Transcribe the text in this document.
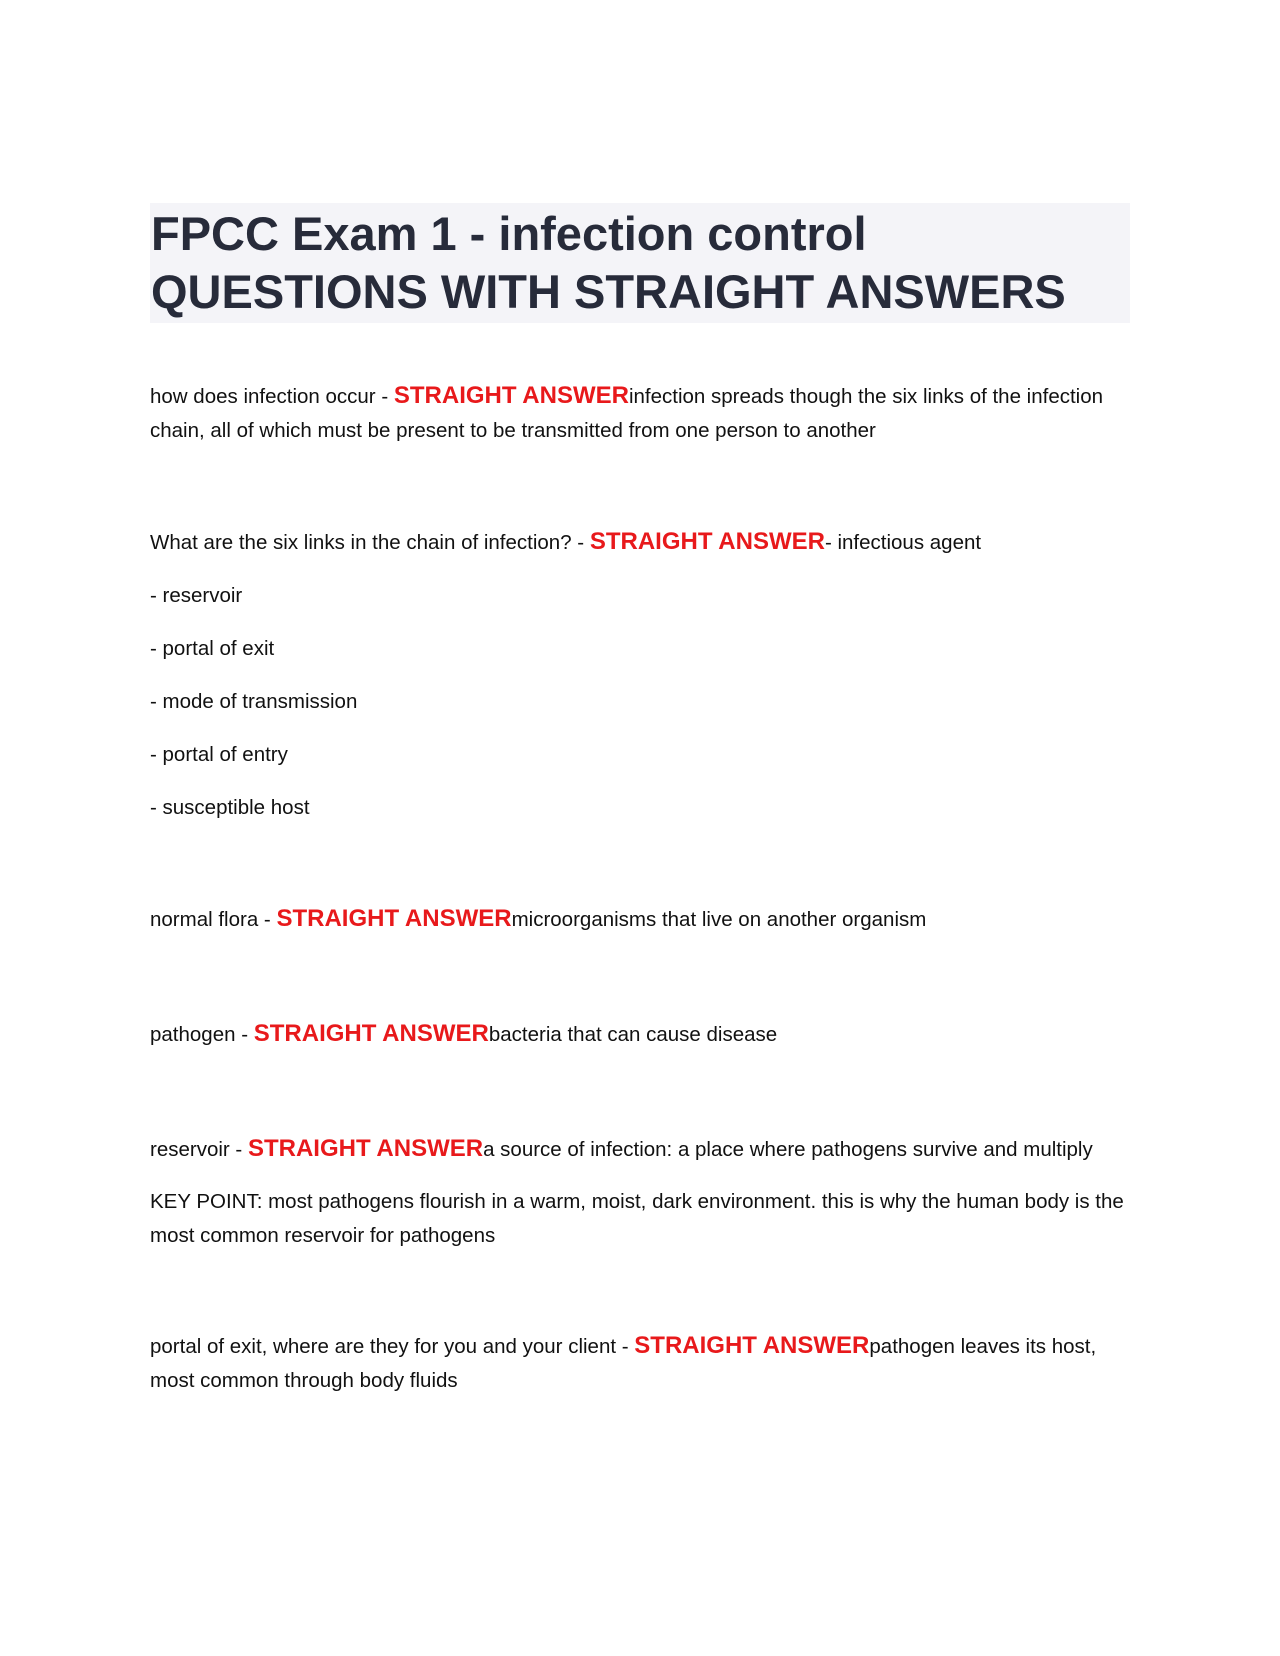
FPCC Exam 1 - infection control
QUESTIONS WITH STRAIGHT ANSWERS

how does infection occur - STRAIGHT ANSWERinfection spreads though the six links of the infection chain, all of which must be present to be transmitted from one person to another

What are the six links in the chain of infection? - STRAIGHT ANSWER- infectious agent

- reservoir

- portal of exit

- mode of transmission

- portal of entry

- susceptible host

normal flora - STRAIGHT ANSWERmicroorganisms that live on another organism

pathogen - STRAIGHT ANSWERbacteria that can cause disease

reservoir - STRAIGHT ANSWERa source of infection: a place where pathogens survive and multiply

KEY POINT: most pathogens flourish in a warm, moist, dark environment. this is why the human body is the most common reservoir for pathogens

portal of exit, where are they for you and your client - STRAIGHT ANSWERpathogen leaves its host, most common through body fluids
